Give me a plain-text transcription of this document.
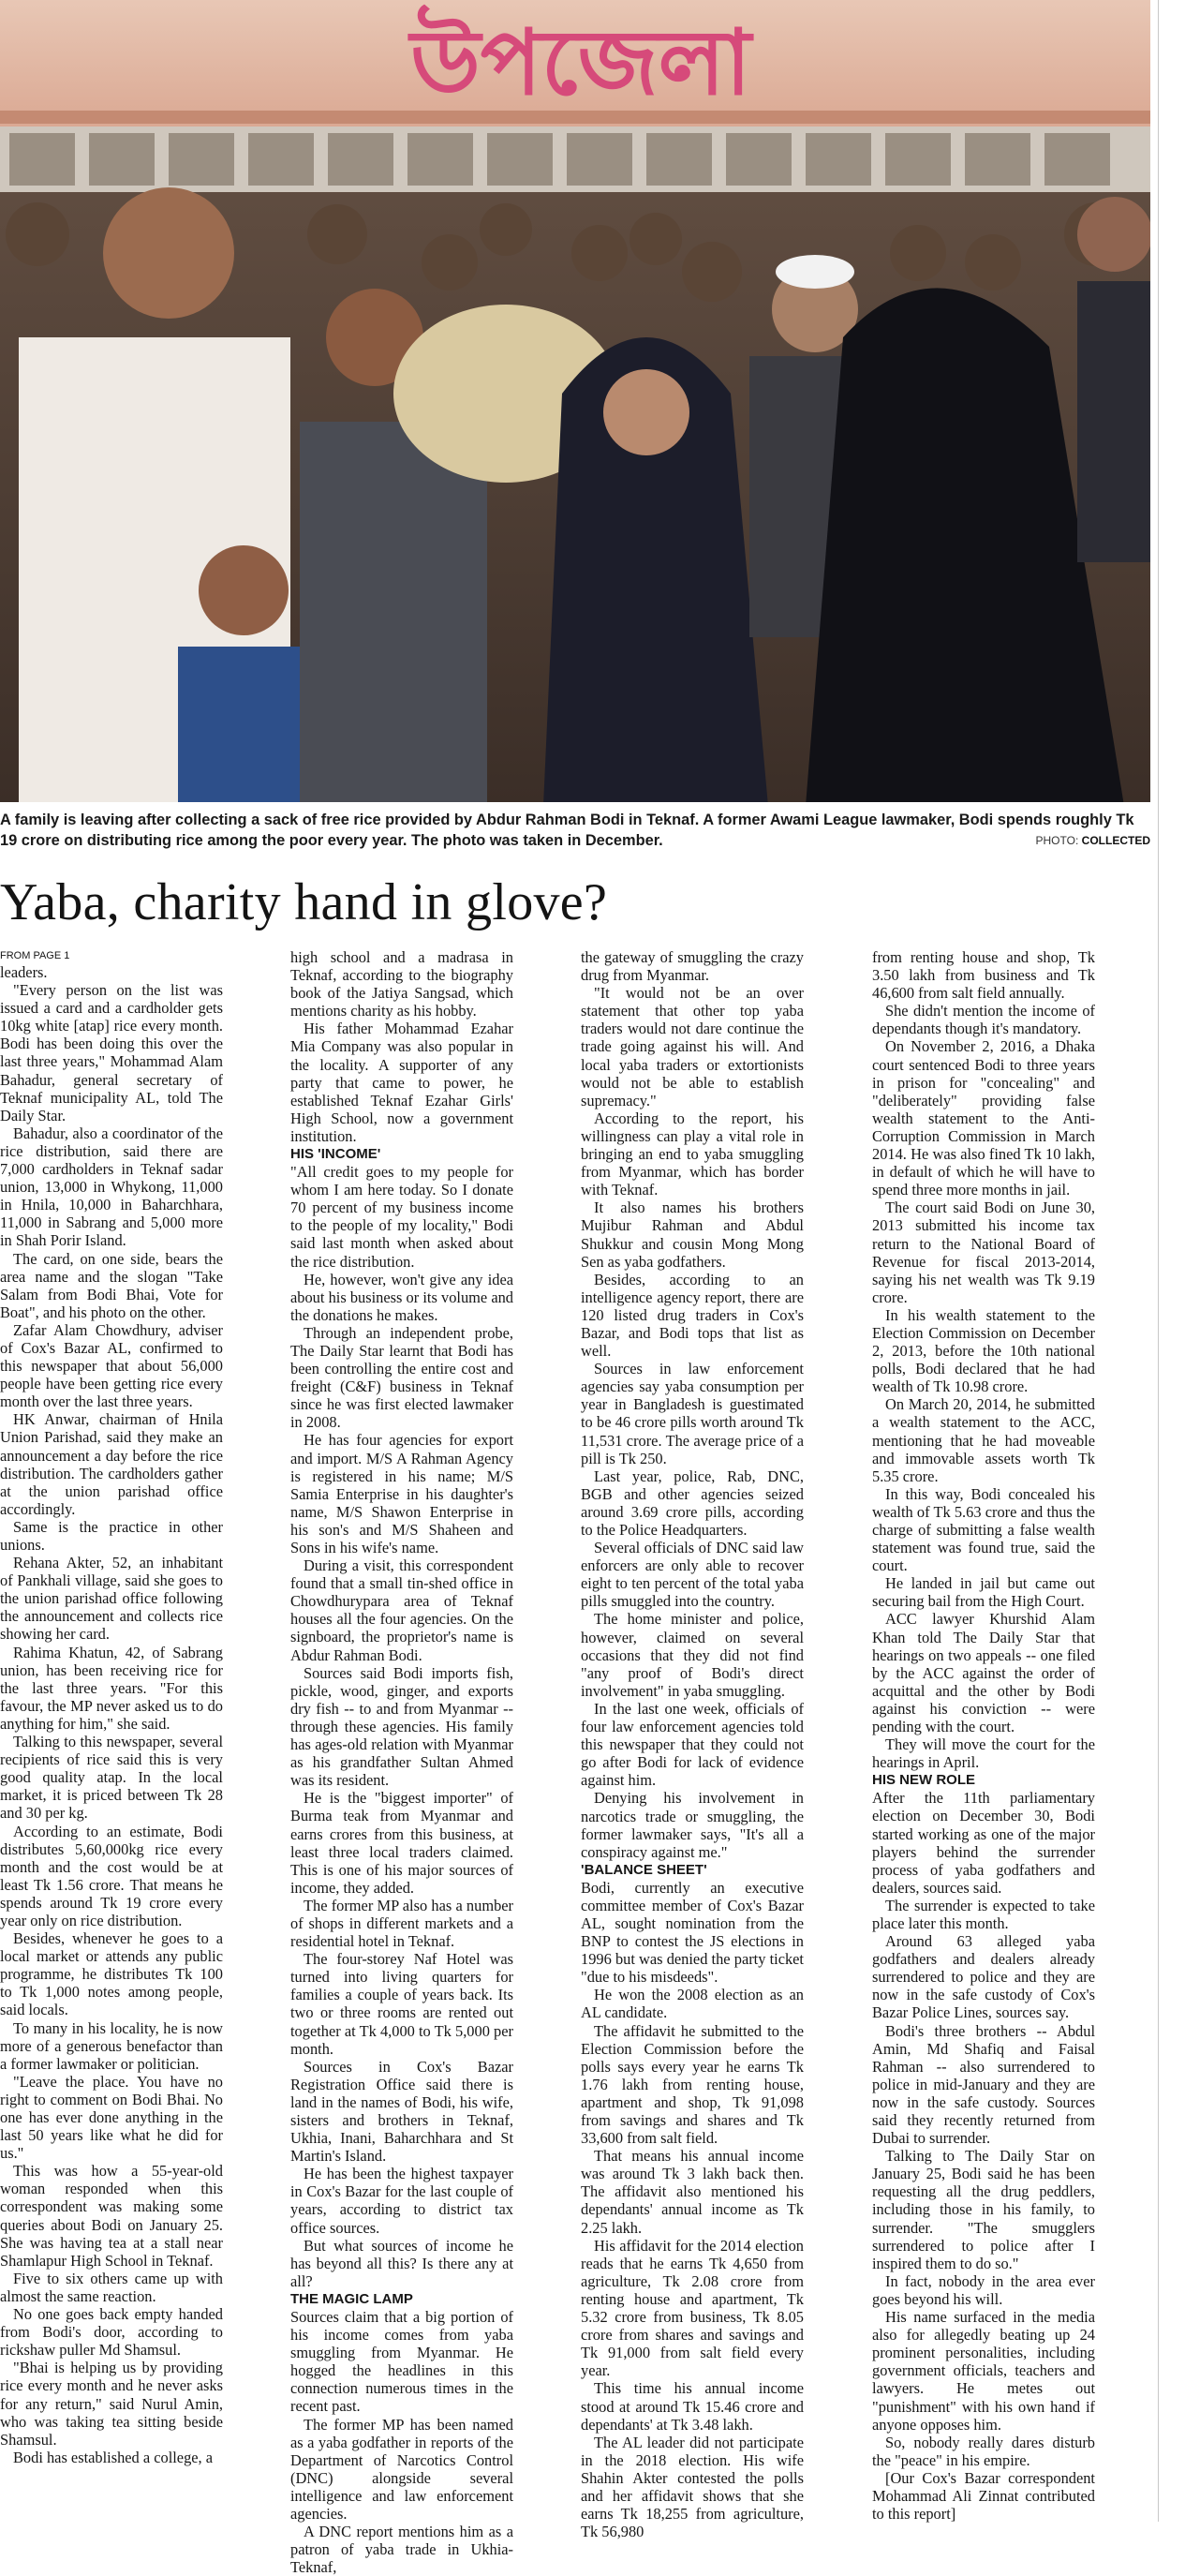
উপজেলা
A family is leaving after collecting a sack of free rice provided by Abdur Rahman Bodi in Teknaf. A former Awami League lawmaker, Bodi spends roughly Tk 19 crore on distributing rice among the poor every year. The photo was taken in December.	PHOTO: COLLECTED
Yaba, charity hand in glove?

FROM PAGE 1

leaders.

"Every person on the list was issued a card and a cardholder gets 10kg white [atap] rice every month. Bodi has been doing this over the last three years," Mohammad Alam Bahadur, general secretary of Teknaf municipality AL, told The Daily Star.

Bahadur, also a coordinator of the rice distribution, said there are 7,000 cardholders in Teknaf sadar union, 13,000 in Whykong, 11,000 in Hnila, 10,000 in Baharchhara, 11,000 in Sabrang and 5,000 more in Shah Porir Island.

The card, on one side, bears the area name and the slogan "Take Salam from Bodi Bhai, Vote for Boat", and his photo on the other.

Zafar Alam Chowdhury, adviser of Cox's Bazar AL, confirmed to this newspaper that about 56,000 people have been getting rice every month over the last three years.

HK Anwar, chairman of Hnila Union Parishad, said they make an announcement a day before the rice distribution. The cardholders gather at the union parishad office accordingly.

Same is the practice in other unions.

Rehana Akter, 52, an inhabitant of Pankhali village, said she goes to the union parishad office following the announcement and collects rice showing her card.

Rahima Khatun, 42, of Sabrang union, has been receiving rice for the last three years. "For this favour, the MP never asked us to do anything for him," she said.

Talking to this newspaper, several recipients of rice said this is very good quality atap. In the local market, it is priced between Tk 28 and 30 per kg.

According to an estimate, Bodi distributes 5,60,000kg rice every month and the cost would be at least Tk 1.56 crore. That means he spends around Tk 19 crore every year only on rice distribution.

Besides, whenever he goes to a local market or attends any public programme, he distributes Tk 100 to Tk 1,000 notes among people, said locals.

To many in his locality, he is now more of a generous benefactor than a former lawmaker or politician.

"Leave the place. You have no right to comment on Bodi Bhai. No one has ever done anything in the last 50 years like what he did for us."

This was how a 55-year-old woman responded when this correspondent was making some queries about Bodi on January 25. She was having tea at a stall near Shamlapur High School in Teknaf.

Five to six others came up with almost the same reaction.

No one goes back empty handed from Bodi's door, according to rickshaw puller Md Shamsul.

"Bhai is helping us by providing rice every month and he never asks for any return," said Nurul Amin, who was taking tea sitting beside Shamsul.

Bodi has established a college, a

high school and a madrasa in Teknaf, according to the biography book of the Jatiya Sangsad, which mentions charity as his hobby.

His father Mohammad Ezahar Mia Company was also popular in the locality. A supporter of any party that came to power, he established Teknaf Ezahar Girls' High School, now a government institution.

HIS 'INCOME'

"All credit goes to my people for whom I am here today. So I donate 70 percent of my business income to the people of my locality," Bodi said last month when asked about the rice distribution.

He, however, won't give any idea about his business or its volume and the donations he makes.

Through an independent probe, The Daily Star learnt that Bodi has been controlling the entire cost and freight (C&F) business in Teknaf since he was first elected lawmaker in 2008.

He has four agencies for export and import. M/S A Rahman Agency is registered in his name; M/S Samia Enterprise in his daughter's name, M/S Shawon Enterprise in his son's and M/S Shaheen and Sons in his wife's name.

During a visit, this correspondent found that a small tin-shed office in Chowdhurypara area of Teknaf houses all the four agencies. On the signboard, the proprietor's name is Abdur Rahman Bodi.

Sources said Bodi imports fish, pickle, wood, ginger, and exports dry fish -- to and from Myanmar -- through these agencies. His family has ages-old relation with Myanmar as his grandfather Sultan Ahmed was its resident.

He is the "biggest importer" of Burma teak from Myanmar and earns crores from this business, at least three local traders claimed. This is one of his major sources of income, they added.

The former MP also has a number of shops in different markets and a residential hotel in Teknaf.

The four-storey Naf Hotel was turned into living quarters for families a couple of years back. Its two or three rooms are rented out together at Tk 4,000 to Tk 5,000 per month.

Sources in Cox's Bazar Registration Office said there is land in the names of Bodi, his wife, sisters and brothers in Teknaf, Ukhia, Inani, Baharchhara and St Martin's Island.

He has been the highest taxpayer in Cox's Bazar for the last couple of years, according to district tax office sources.

But what sources of income he has beyond all this? Is there any at all?

THE MAGIC LAMP

Sources claim that a big portion of his income comes from yaba smuggling from Myanmar. He hogged the headlines in this connection numerous times in the recent past.

The former MP has been named as a yaba godfather in reports of the Department of Narcotics Control (DNC) alongside several intelligence and law enforcement agencies.

A DNC report mentions him as a patron of yaba trade in Ukhia-Teknaf,

the gateway of smuggling the crazy drug from Myanmar.

"It would not be an over statement that other top yaba traders would not dare continue the trade going against his will. And local yaba traders or extortionists would not be able to establish supremacy."

According to the report, his willingness can play a vital role in bringing an end to yaba smuggling from Myanmar, which has border with Teknaf.

It also names his brothers Mujibur Rahman and Abdul Shukkur and cousin Mong Mong Sen as yaba godfathers.

Besides, according to an intelligence agency report, there are 120 listed drug traders in Cox's Bazar, and Bodi tops that list as well.

Sources in law enforcement agencies say yaba consumption per year in Bangladesh is guestimated to be 46 crore pills worth around Tk 11,531 crore. The average price of a pill is Tk 250.

Last year, police, Rab, DNC, BGB and other agencies seized around 3.69 crore pills, according to the Police Headquarters.

Several officials of DNC said law enforcers are only able to recover eight to ten percent of the total yaba pills smuggled into the country.

The home minister and police, however, claimed on several occasions that they did not find "any proof of Bodi's direct involvement" in yaba smuggling.

In the last one week, officials of four law enforcement agencies told this newspaper that they could not go after Bodi for lack of evidence against him.

Denying his involvement in narcotics trade or smuggling, the former lawmaker says, "It's all a conspiracy against me."

'BALANCE SHEET'

Bodi, currently an executive committee member of Cox's Bazar AL, sought nomination from the BNP to contest the JS elections in 1996 but was denied the party ticket "due to his misdeeds".

He won the 2008 election as an AL candidate.

The affidavit he submitted to the Election Commission before the polls says every year he earns Tk 1.76 lakh from renting house, apartment and shop, Tk 91,098 from savings and shares and Tk 33,600 from salt field.

That means his annual income was around Tk 3 lakh back then. The affidavit also mentioned his dependants' annual income as Tk 2.25 lakh.

His affidavit for the 2014 election reads that he earns Tk 4,650 from agriculture, Tk 2.08 crore from renting house and apartment, Tk 5.32 crore from business, Tk 8.05 crore from shares and savings and Tk 91,000 from salt field every year.

This time his annual income stood at around Tk 15.46 crore and dependants' at Tk 3.48 lakh.

The AL leader did not participate in the 2018 election. His wife Shahin Akter contested the polls and her affidavit shows that she earns Tk 18,255 from agriculture, Tk 56,980

from renting house and shop, Tk 3.50 lakh from business and Tk 46,600 from salt field annually.

She didn't mention the income of dependants though it's mandatory.

On November 2, 2016, a Dhaka court sentenced Bodi to three years in prison for "concealing" and "deliberately" providing false wealth statement to the Anti-Corruption Commission in March 2014. He was also fined Tk 10 lakh, in default of which he will have to spend three more months in jail.

The court said Bodi on June 30, 2013 submitted his income tax return to the National Board of Revenue for fiscal 2013-2014, saying his net wealth was Tk 9.19 crore.

In his wealth statement to the Election Commission on December 2, 2013, before the 10th national polls, Bodi declared that he had wealth of Tk 10.98 crore.

On March 20, 2014, he submitted a wealth statement to the ACC, mentioning that he had moveable and immovable assets worth Tk 5.35 crore.

In this way, Bodi concealed his wealth of Tk 5.63 crore and thus the charge of submitting a false wealth statement was found true, said the court.

He landed in jail but came out securing bail from the High Court.

ACC lawyer Khurshid Alam Khan told The Daily Star that hearings on two appeals -- one filed by the ACC against the order of acquittal and the other by Bodi against his conviction -- were pending with the court.

They will move the court for the hearings in April.

HIS NEW ROLE

After the 11th parliamentary election on December 30, Bodi started working as one of the major players behind the surrender process of yaba godfathers and dealers, sources said.

The surrender is expected to take place later this month.

Around 63 alleged yaba godfathers and dealers already surrendered to police and they are now in the safe custody of Cox's Bazar Police Lines, sources say.

Bodi's three brothers -- Abdul Amin, Md Shafiq and Faisal Rahman -- also surrendered to police in mid-January and they are now in the safe custody. Sources said they recently returned from Dubai to surrender.

Talking to The Daily Star on January 25, Bodi said he has been requesting all the drug peddlers, including those in his family, to surrender. "The smugglers surrendered to police after I inspired them to do so."

In fact, nobody in the area ever goes beyond his will.

His name surfaced in the media also for allegedly beating up 24 prominent personalities, including government officials, teachers and lawyers. He metes out "punishment" with his own hand if anyone opposes him.

So, nobody really dares disturb the "peace" in his empire.

[Our Cox's Bazar correspondent Mohammad Ali Zinnat contributed to this report]
